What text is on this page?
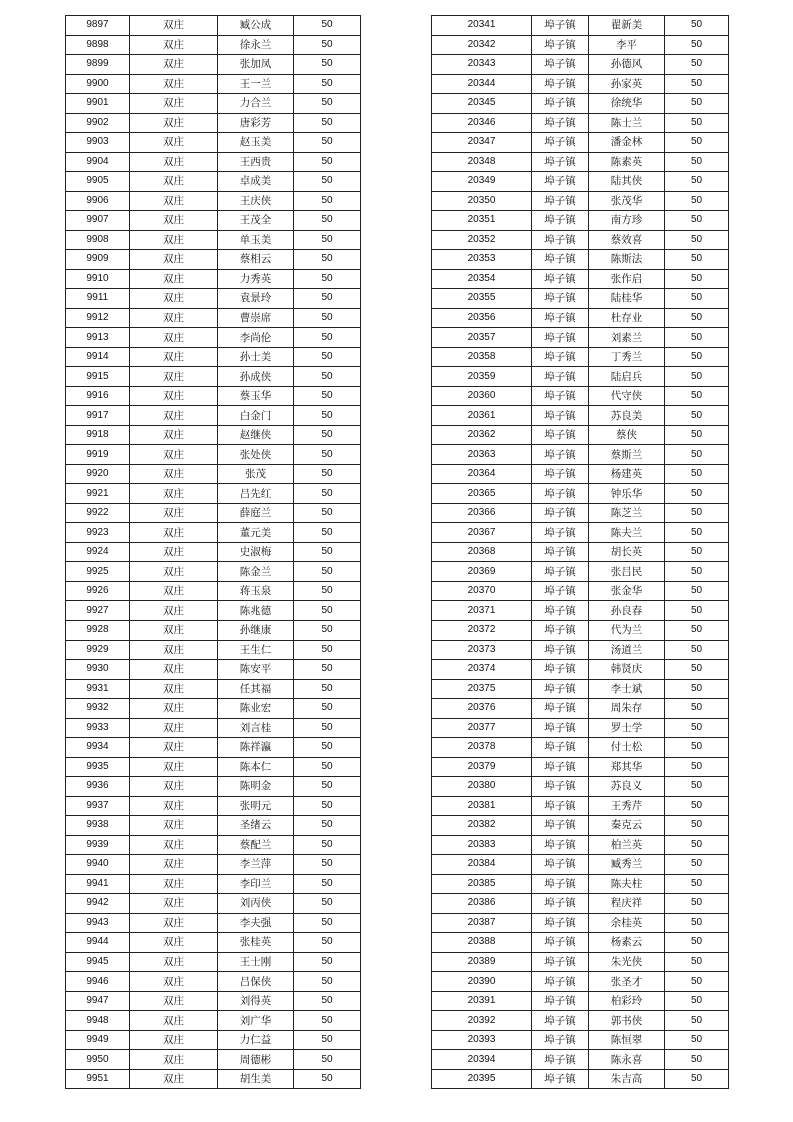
9897	双庄	臧公成	50
9898	双庄	徐永兰	50
9899	双庄	张加凤	50
9900	双庄	王一兰	50
9901	双庄	力合兰	50
9902	双庄	唐彩芳	50
9903	双庄	赵玉美	50
9904	双庄	王西贵	50
9905	双庄	卓成美	50
9906	双庄	王庆侠	50
9907	双庄	王茂全	50
9908	双庄	单玉美	50
9909	双庄	蔡相云	50
9910	双庄	力秀英	50
9911	双庄	袁景玲	50
9912	双庄	曹崇席	50
9913	双庄	李尚伦	50
9914	双庄	孙士美	50
9915	双庄	孙成侠	50
9916	双庄	蔡玉华	50
9917	双庄	白金门	50
9918	双庄	赵继侠	50
9919	双庄	张处侠	50
9920	双庄	张茂	50
9921	双庄	吕先红	50
9922	双庄	薛庭兰	50
9923	双庄	董元美	50
9924	双庄	史淑梅	50
9925	双庄	陈金兰	50
9926	双庄	蒋玉泉	50
9927	双庄	陈兆德	50
9928	双庄	孙继康	50
9929	双庄	王生仁	50
9930	双庄	陈安平	50
9931	双庄	任其福	50
9932	双庄	陈业宏	50
9933	双庄	刘言桂	50
9934	双庄	陈祥瀛	50
9935	双庄	陈本仁	50
9936	双庄	陈明金	50
9937	双庄	张明元	50
9938	双庄	圣绪云	50
9939	双庄	蔡配兰	50
9940	双庄	李兰萍	50
9941	双庄	李印兰	50
9942	双庄	刘丙侠	50
9943	双庄	李夫强	50
9944	双庄	张桂英	50
9945	双庄	王士刚	50
9946	双庄	吕保侠	50
9947	双庄	刘得英	50
9948	双庄	刘广华	50
9949	双庄	力仁益	50
9950	双庄	周德彬	50
9951	双庄	胡生美	50
20341	埠子镇	翟新美	50
20342	埠子镇	李平	50
20343	埠子镇	孙德风	50
20344	埠子镇	孙家英	50
20345	埠子镇	徐统华	50
20346	埠子镇	陈士兰	50
20347	埠子镇	潘金林	50
20348	埠子镇	陈素英	50
20349	埠子镇	陆其侠	50
20350	埠子镇	张茂华	50
20351	埠子镇	南方珍	50
20352	埠子镇	蔡效喜	50
20353	埠子镇	陈斯法	50
20354	埠子镇	张作启	50
20355	埠子镇	陆桂华	50
20356	埠子镇	杜存业	50
20357	埠子镇	刘素兰	50
20358	埠子镇	丁秀兰	50
20359	埠子镇	陆启兵	50
20360	埠子镇	代守侠	50
20361	埠子镇	苏良美	50
20362	埠子镇	蔡侠	50
20363	埠子镇	蔡斯兰	50
20364	埠子镇	杨建英	50
20365	埠子镇	钟乐华	50
20366	埠子镇	陈芝兰	50
20367	埠子镇	陈夫兰	50
20368	埠子镇	胡长英	50
20369	埠子镇	张吕民	50
20370	埠子镇	张金华	50
20371	埠子镇	孙良春	50
20372	埠子镇	代为兰	50
20373	埠子镇	汤道兰	50
20374	埠子镇	韩贤庆	50
20375	埠子镇	李士斌	50
20376	埠子镇	周朱存	50
20377	埠子镇	罗士学	50
20378	埠子镇	付士松	50
20379	埠子镇	郑其华	50
20380	埠子镇	苏良义	50
20381	埠子镇	王秀芹	50
20382	埠子镇	秦克云	50
20383	埠子镇	柏兰英	50
20384	埠子镇	臧秀兰	50
20385	埠子镇	陈夫柱	50
20386	埠子镇	程庆祥	50
20387	埠子镇	余桂英	50
20388	埠子镇	杨素云	50
20389	埠子镇	朱光侠	50
20390	埠子镇	张圣才	50
20391	埠子镇	柏彩玲	50
20392	埠子镇	郭书侠	50
20393	埠子镇	陈恒翠	50
20394	埠子镇	陈永喜	50
20395	埠子镇	朱吉高	50
